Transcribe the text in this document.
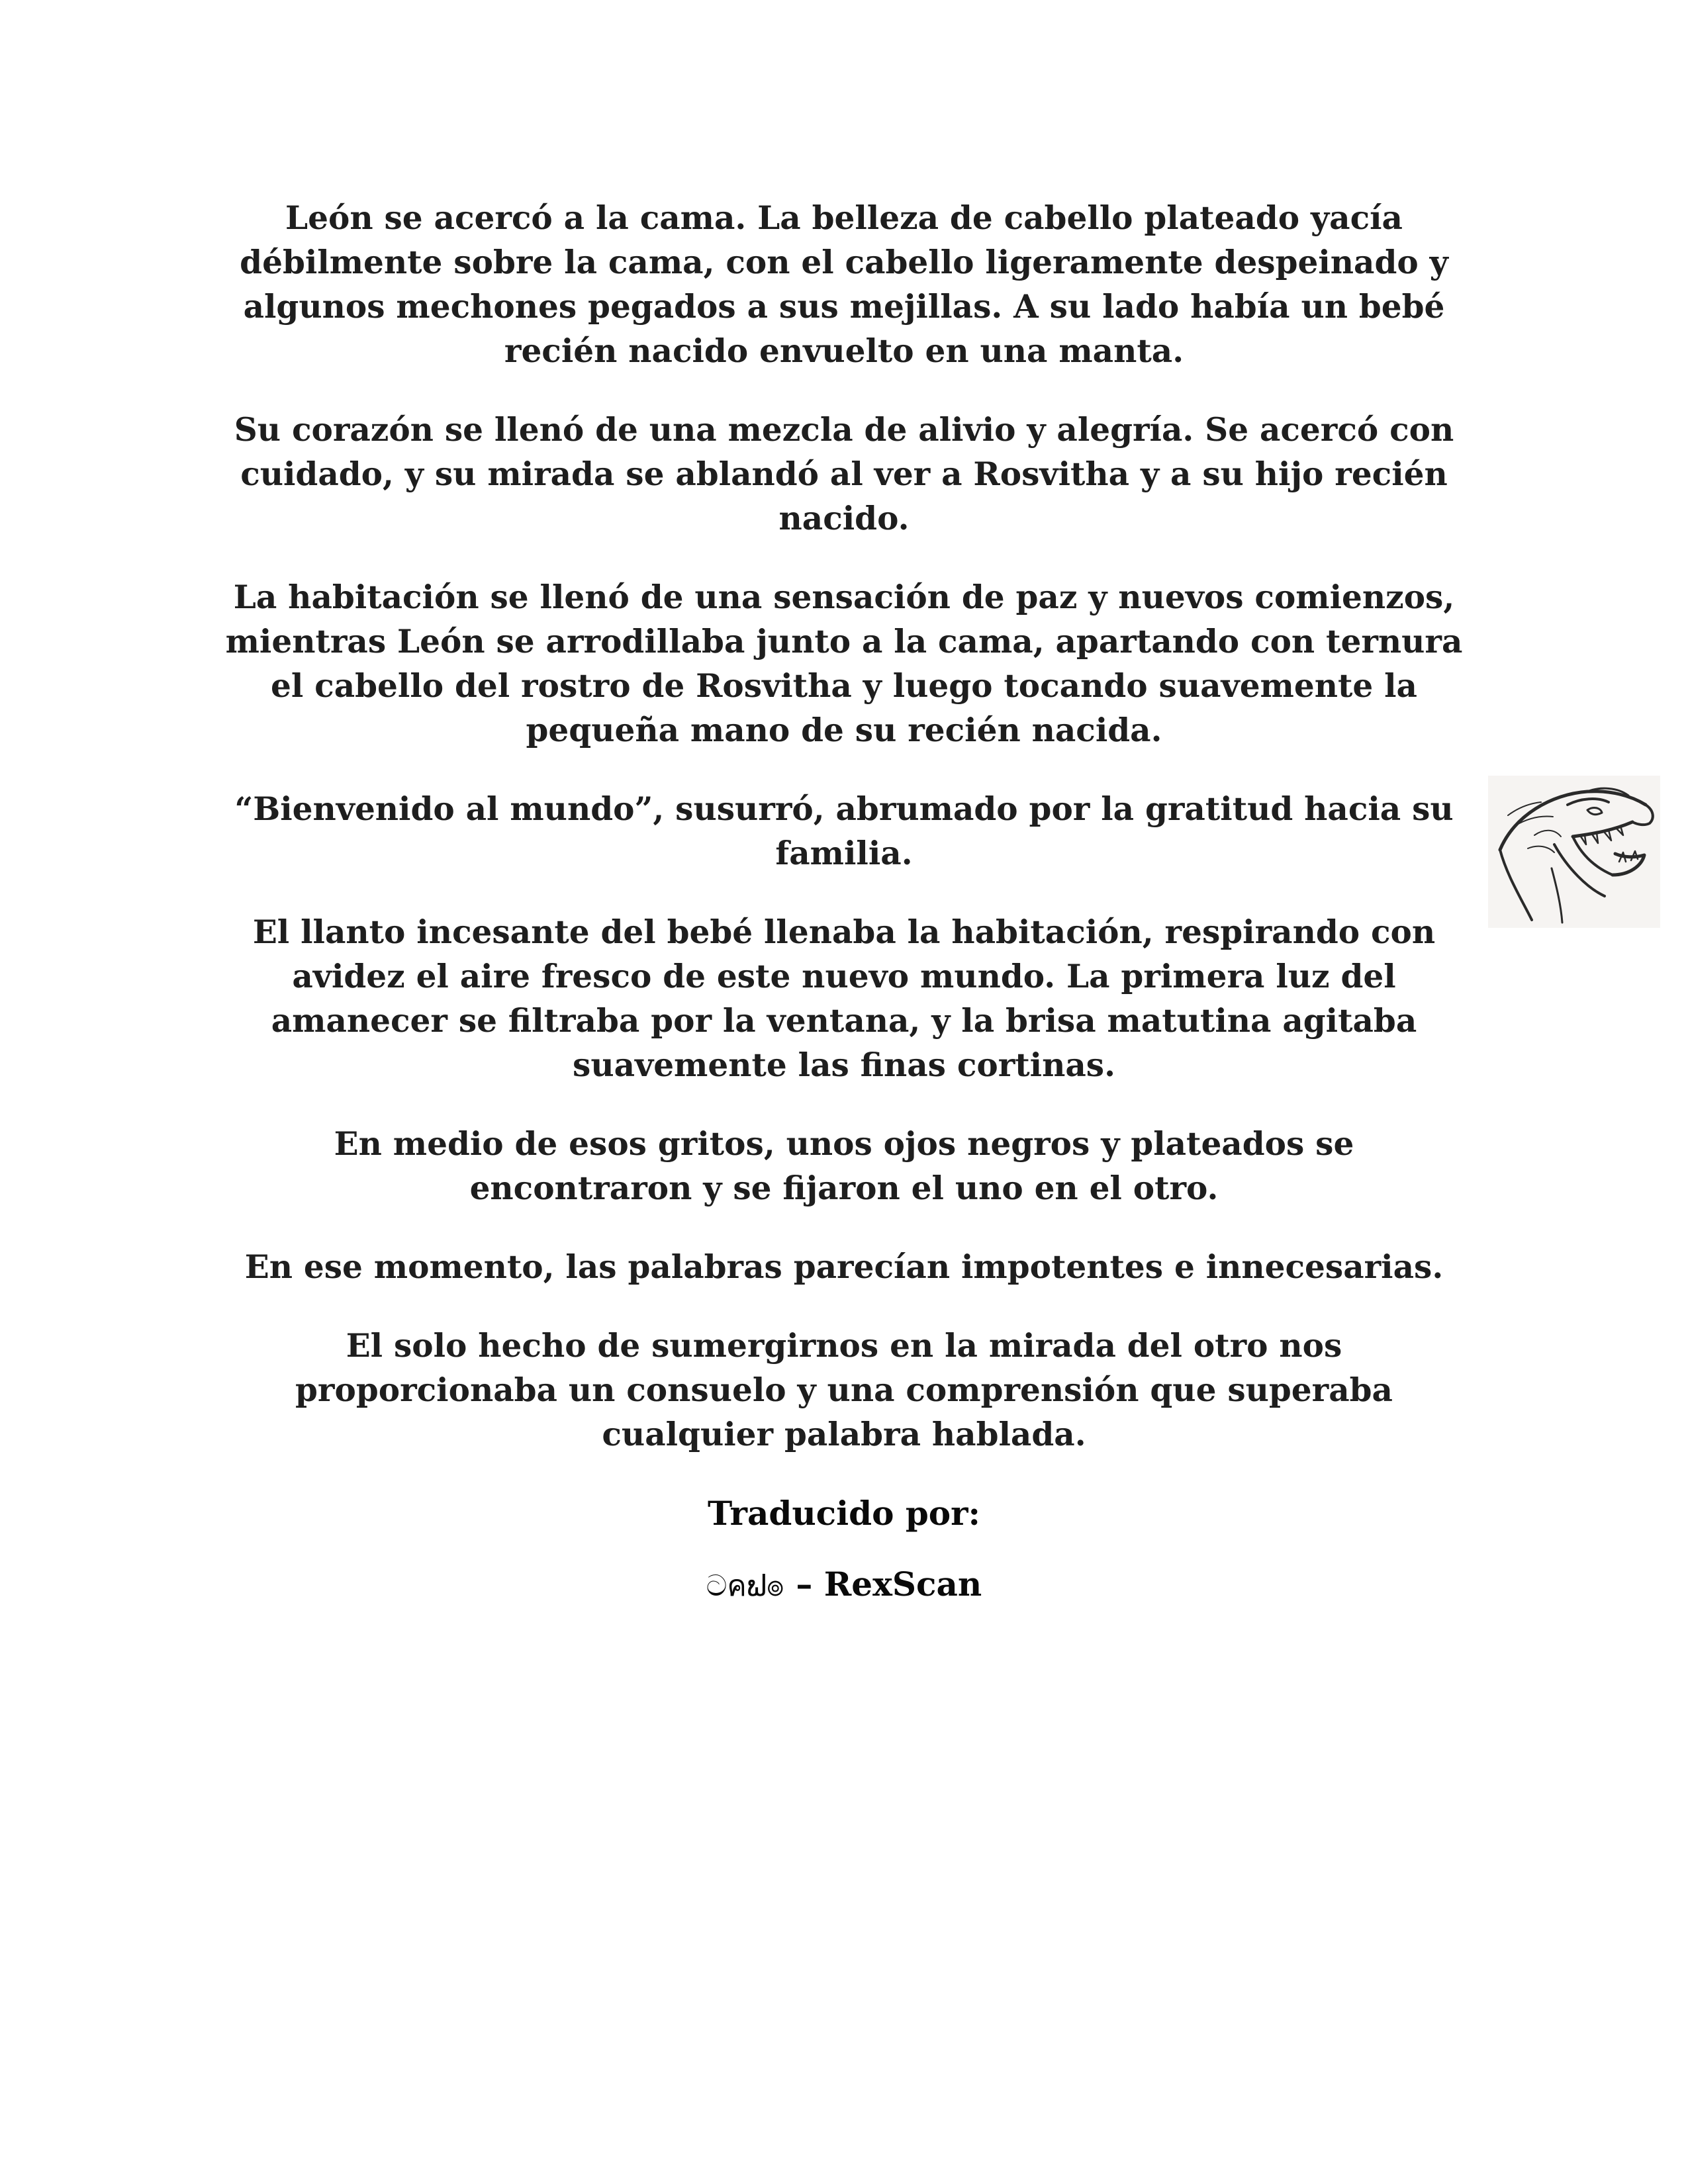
León se acercó a la cama. La belleza de cabello plateado yacía débilmente sobre la cama, con el cabello ligeramente despeinado y algunos mechones pegados a sus mejillas. A su lado había un bebé recién nacido envuelto en una manta.

Su corazón se llenó de una mezcla de alivio y alegría. Se acercó con cuidado, y su mirada se ablandó al ver a Rosvitha y a su hijo recién nacido.

La habitación se llenó de una sensación de paz y nuevos comienzos, mientras León se arrodillaba junto a la cama, apartando con ternura el cabello del rostro de Rosvitha y luego tocando suavemente la pequeña mano de su recién nacida.

“Bienvenido al mundo”, susurró, abrumado por la gratitud hacia su familia.

El llanto incesante del bebé llenaba la habitación, respirando con avidez el aire fresco de este nuevo mundo. La primera luz del amanecer se filtraba por la ventana, y la brisa matutina agitaba suavemente las finas cortinas.

En medio de esos gritos, unos ojos negros y plateados se encontraron y se fijaron el uno en el otro.

En ese momento, las palabras parecían impotentes e innecesarias.

El solo hecho de sumergirnos en la mirada del otro nos proporcionaba un consuelo y una comprensión que superaba cualquier palabra hablada.

Traducido por:

ටคຟ๏ – RexScan
